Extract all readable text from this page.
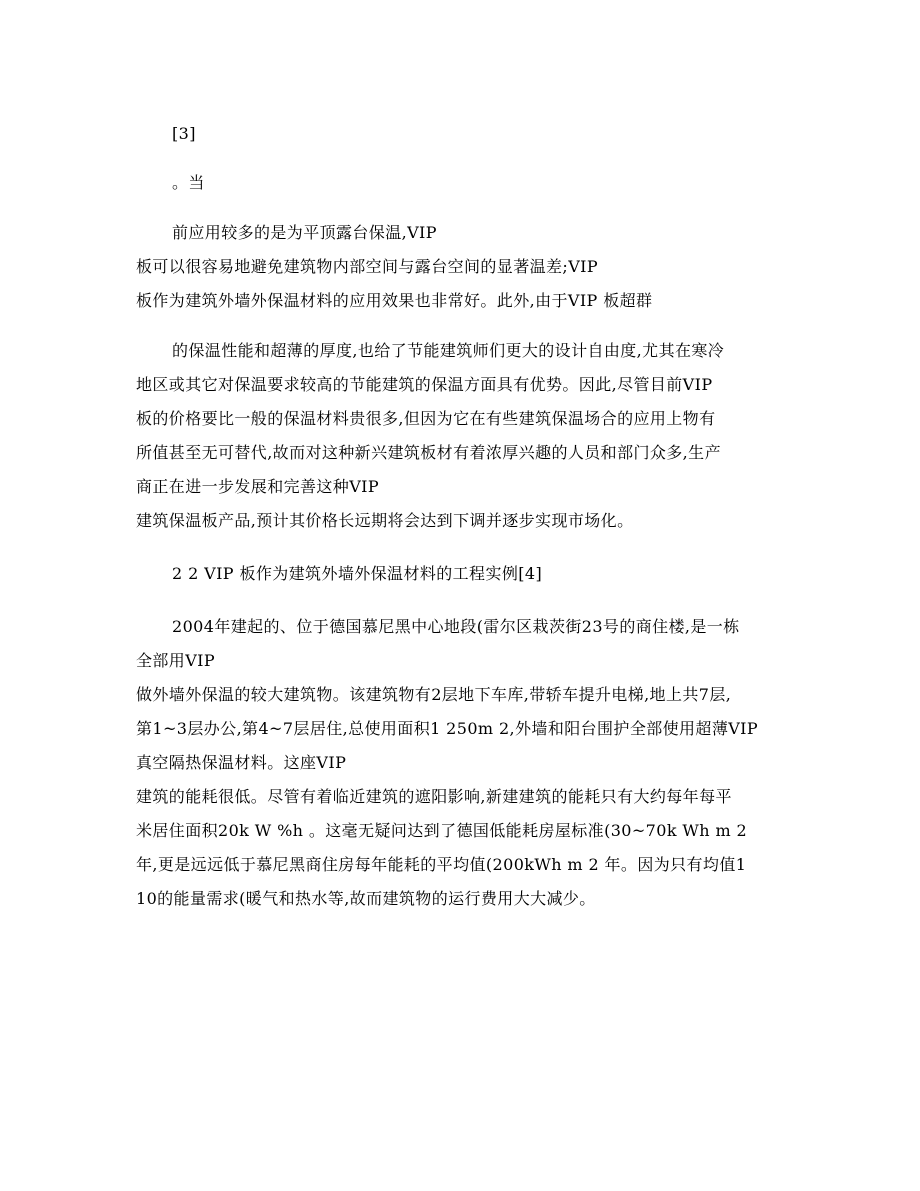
[3]
。当
前应用较多的是为平顶露台保温,VIP
板可以很容易地避免建筑物内部空间与露台空间的显著温差;VIP
板作为建筑外墙外保温材料的应用效果也非常好。此外,由于VIP 板超群
的保温性能和超薄的厚度,也给了节能建筑师们更大的设计自由度,尤其在寒冷
地区或其它对保温要求较高的节能建筑的保温方面具有优势。因此,尽管目前VIP
板的价格要比一般的保温材料贵很多,但因为它在有些建筑保温场合的应用上物有
所值甚至无可替代,故而对这种新兴建筑板材有着浓厚兴趣的人员和部门众多,生产
商正在进一步发展和完善这种VIP
建筑保温板产品,预计其价格长远期将会达到下调并逐步实现市场化。
2 2 VIP 板作为建筑外墙外保温材料的工程实例[4]
2004年建起的、位于德国慕尼黑中心地段(雷尔区栽茨街23号的商住楼,是一栋
全部用VIP
做外墙外保温的较大建筑物。该建筑物有2层地下车库,带轿车提升电梯,地上共7层,
第1~3层办公,第4~7层居住,总使用面积1 250m 2,外墙和阳台围护全部使用超薄VIP
真空隔热保温材料。这座VIP
建筑的能耗很低。尽管有着临近建筑的遮阳影响,新建建筑的能耗只有大约每年每平
米居住面积20k W %h 。这毫无疑问达到了德国低能耗房屋标准(30~70k Wh m 2
年,更是远远低于慕尼黑商住房每年能耗的平均值(200kWh m 2 年。因为只有均值1
10的能量需求(暖气和热水等,故而建筑物的运行费用大大减少。
